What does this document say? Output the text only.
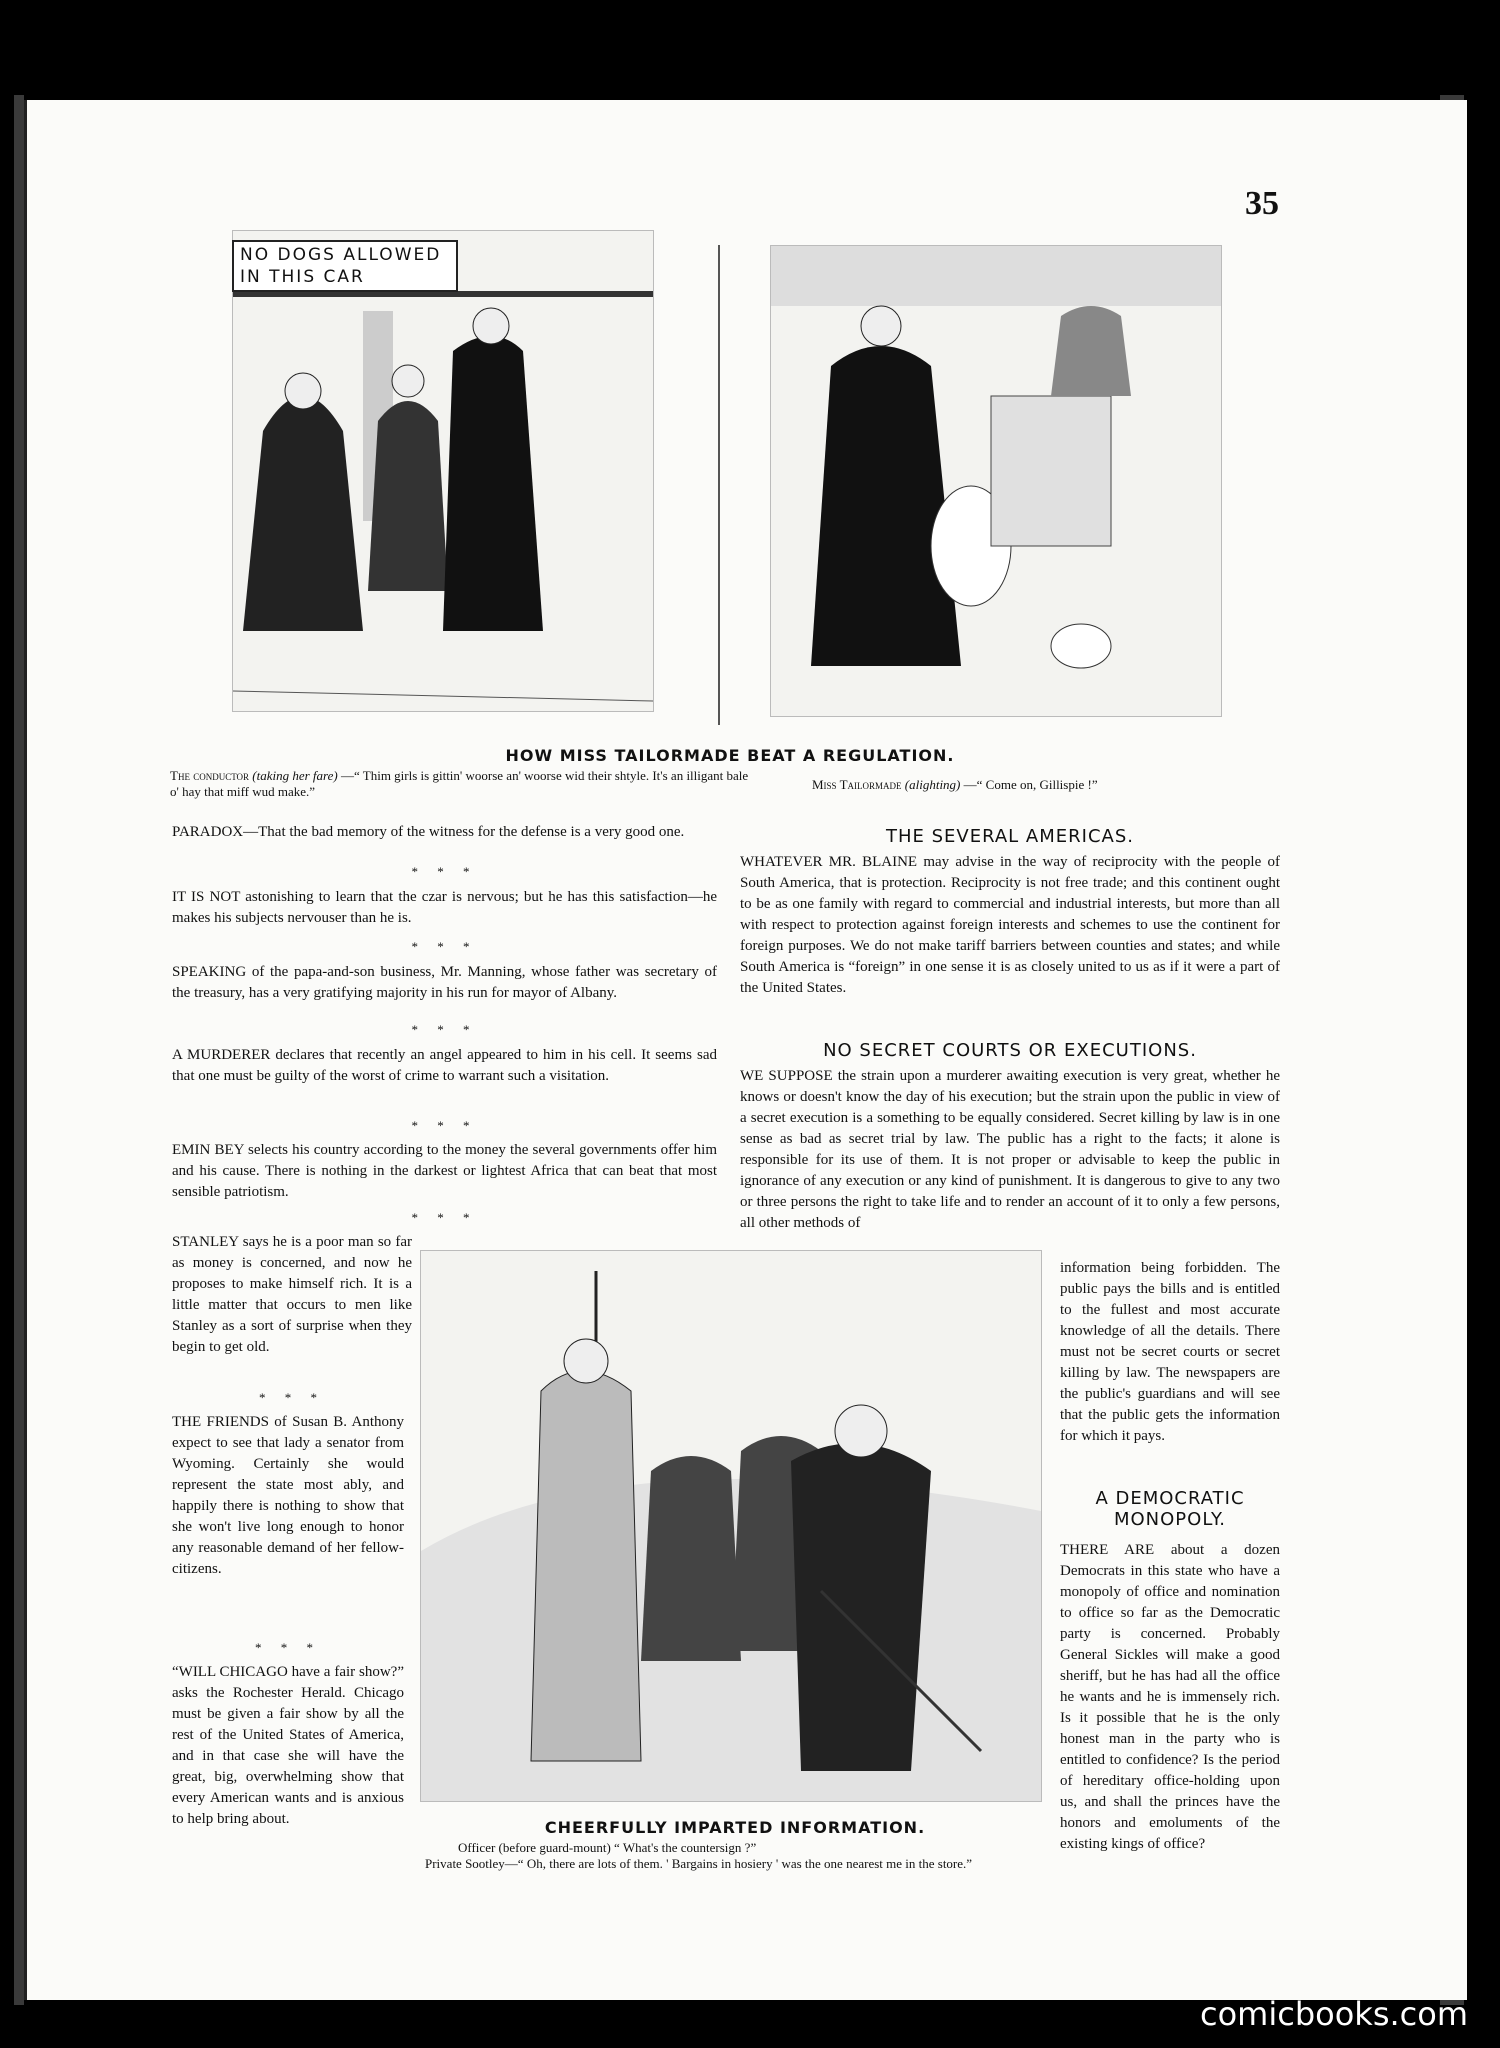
35
NO DOGS ALLOWED IN THIS CAR
HOW MISS TAILORMADE BEAT A REGULATION.
The conductor (taking her fare) —“ Thim girls is gittin' woorse an' woorse wid their shtyle. It's an illigant bale o' hay that miff wud make.”	Miss Tailormade (alighting) —“ Come on, Gillispie !”
PARADOX—That the bad memory of the witness for the defense is a very good one.
* * *
IT IS NOT astonishing to learn that the czar is nervous; but he has this satisfaction—he makes his subjects nervouser than he is.
* * *
SPEAKING of the papa-and-son business, Mr. Manning, whose father was secretary of the treasury, has a very gratifying majority in his run for mayor of Albany.
* * *
A MURDERER declares that recently an angel appeared to him in his cell. It seems sad that one must be guilty of the worst of crime to warrant such a visitation.
* * *
EMIN BEY selects his country according to the money the several governments offer him and his cause. There is nothing in the darkest or lightest Africa that can beat that most sensible patriotism.
* * *
STANLEY says he is a poor man so far as money is concerned, and now he proposes to make himself rich. It is a little matter that occurs to men like Stanley as a sort of surprise when they begin to get old.
* * *
THE FRIENDS of Susan B. Anthony expect to see that lady a senator from Wyoming. Certainly she would represent the state most ably, and happily there is nothing to show that she won't live long enough to honor any reasonable demand of her fellow-citizens.
* * *
“WILL CHICAGO have a fair show?” asks the Rochester Herald. Chicago must be given a fair show by all the rest of the United States of America, and in that case she will have the great, big, overwhelming show that every American wants and is anxious to help bring about.
THE SEVERAL AMERICAS.
WHATEVER MR. BLAINE may advise in the way of reciprocity with the people of South America, that is protection. Reciprocity is not free trade; and this continent ought to be as one family with regard to commercial and industrial interests, but more than all with respect to protection against foreign interests and schemes to use the continent for foreign purposes. We do not make tariff barriers between counties and states; and while South America is “foreign” in one sense it is as closely united to us as if it were a part of the United States.
NO SECRET COURTS OR EXECUTIONS.
WE SUPPOSE the strain upon a murderer awaiting execution is very great, whether he knows or doesn't know the day of his execution; but the strain upon the public in view of a secret execution is a something to be equally considered. Secret killing by law is in one sense as bad as secret trial by law. The public has a right to the facts; it alone is responsible for its use of them. It is not proper or advisable to keep the public in ignorance of any execution or any kind of punishment. It is dangerous to give to any two or three persons the right to take life and to render an account of it to only a few persons, all other methods of
information being forbidden. The public pays the bills and is entitled to the fullest and most accurate knowledge of all the details. There must not be secret courts or secret killing by law. The newspapers are the public's guardians and will see that the public gets the information for which it pays.
A DEMOCRATIC MONOPOLY.
THERE ARE about a dozen Democrats in this state who have a monopoly of office and nomination to office so far as the Democratic party is concerned. Probably General Sickles will make a good sheriff, but he has had all the office he wants and he is immensely rich. Is it possible that he is the only honest man in the party who is entitled to confidence? Is the period of hereditary office-holding upon us, and shall the princes have the honors and emoluments of the existing kings of office?
CHEERFULLY IMPARTED INFORMATION.
Officer (before guard-mount) “ What's the countersign ?”
Private Sootley—“ Oh, there are lots of them. ' Bargains in hosiery ' was the one nearest me in the store.”
comicbooks.com
